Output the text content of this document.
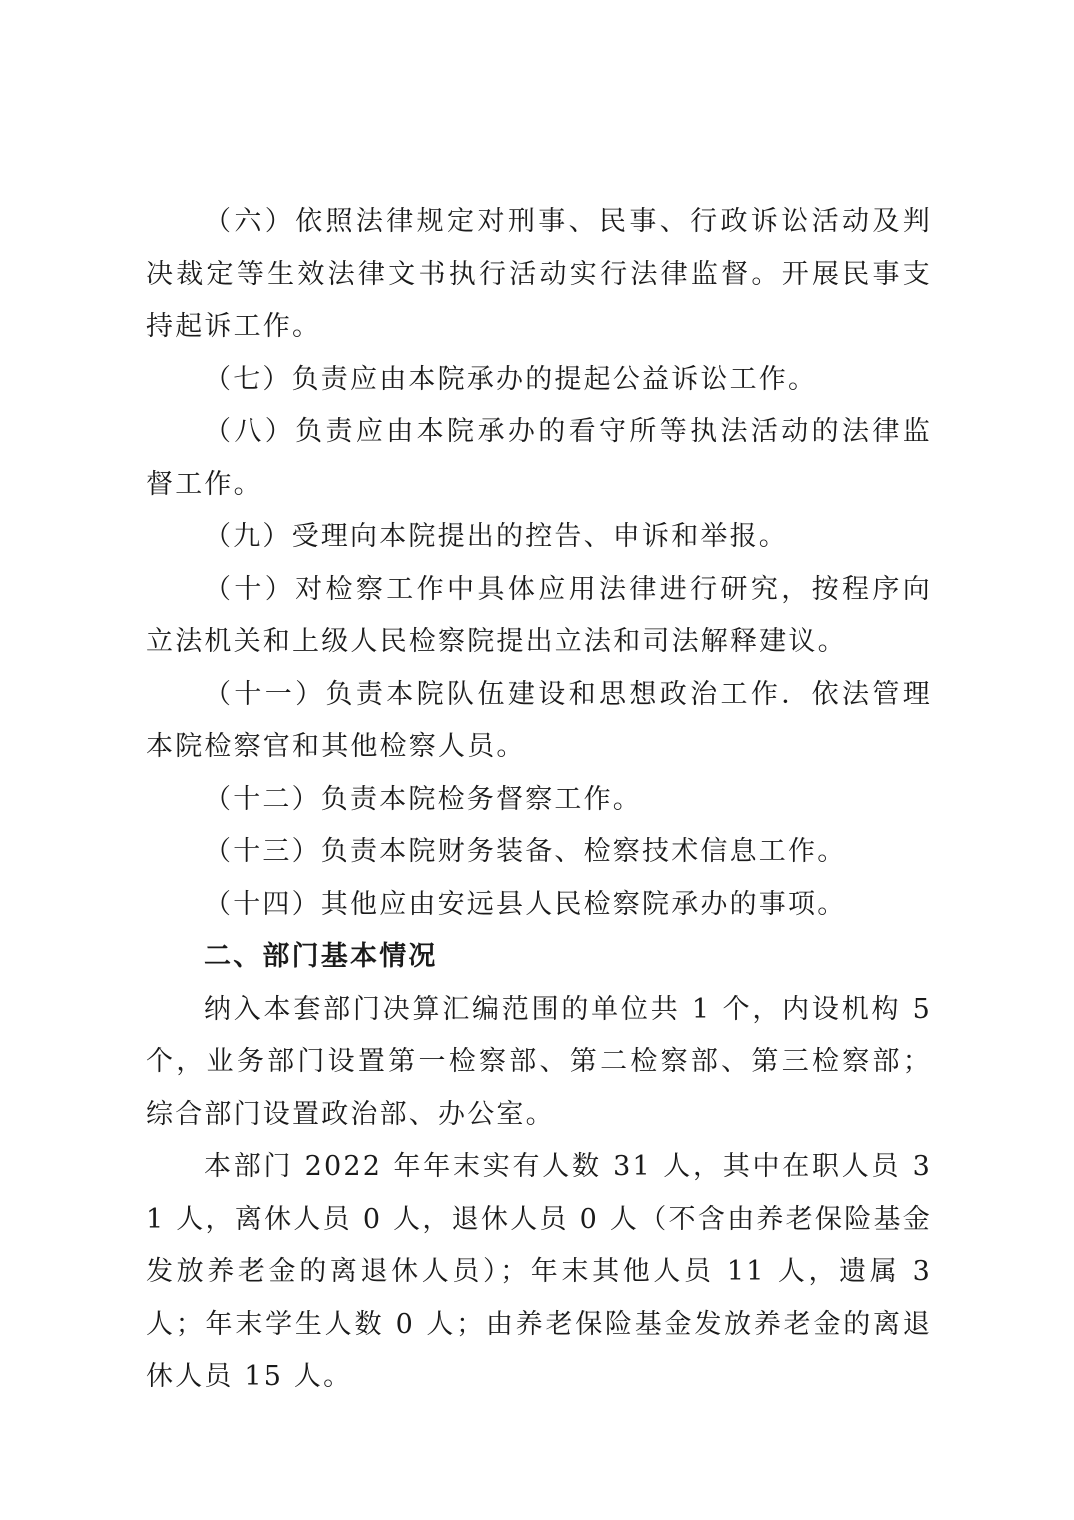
（六）依照法律规定对刑事、民事、行政诉讼活动及判决裁定等生效法律文书执行活动实行法律监督。开展民事支持起诉工作。

（七）负责应由本院承办的提起公益诉讼工作。

（八）负责应由本院承办的看守所等执法活动的法律监督工作。

（九）受理向本院提出的控告、申诉和举报。

（十）对检察工作中具体应用法律进行研究，按程序向立法机关和上级人民检察院提出立法和司法解释建议。

（十一）负责本院队伍建设和思想政治工作．依法管理本院检察官和其他检察人员。

（十二）负责本院检务督察工作。

（十三）负责本院财务装备、检察技术信息工作。

（十四）其他应由安远县人民检察院承办的事项。

二、部门基本情况

纳入本套部门决算汇编范围的单位共 1 个，内设机构 5 个，业务部门设置第一检察部、第二检察部、第三检察部；综合部门设置政治部、办公室。

本部门 2022 年年末实有人数 31 人，其中在职人员 31 人，离休人员 0 人，退休人员 0 人（不含由养老保险基金发放养老金的离退休人员）；年末其他人员 11 人，遗属 3 人；年末学生人数 0 人；由养老保险基金发放养老金的离退休人员 15 人。
